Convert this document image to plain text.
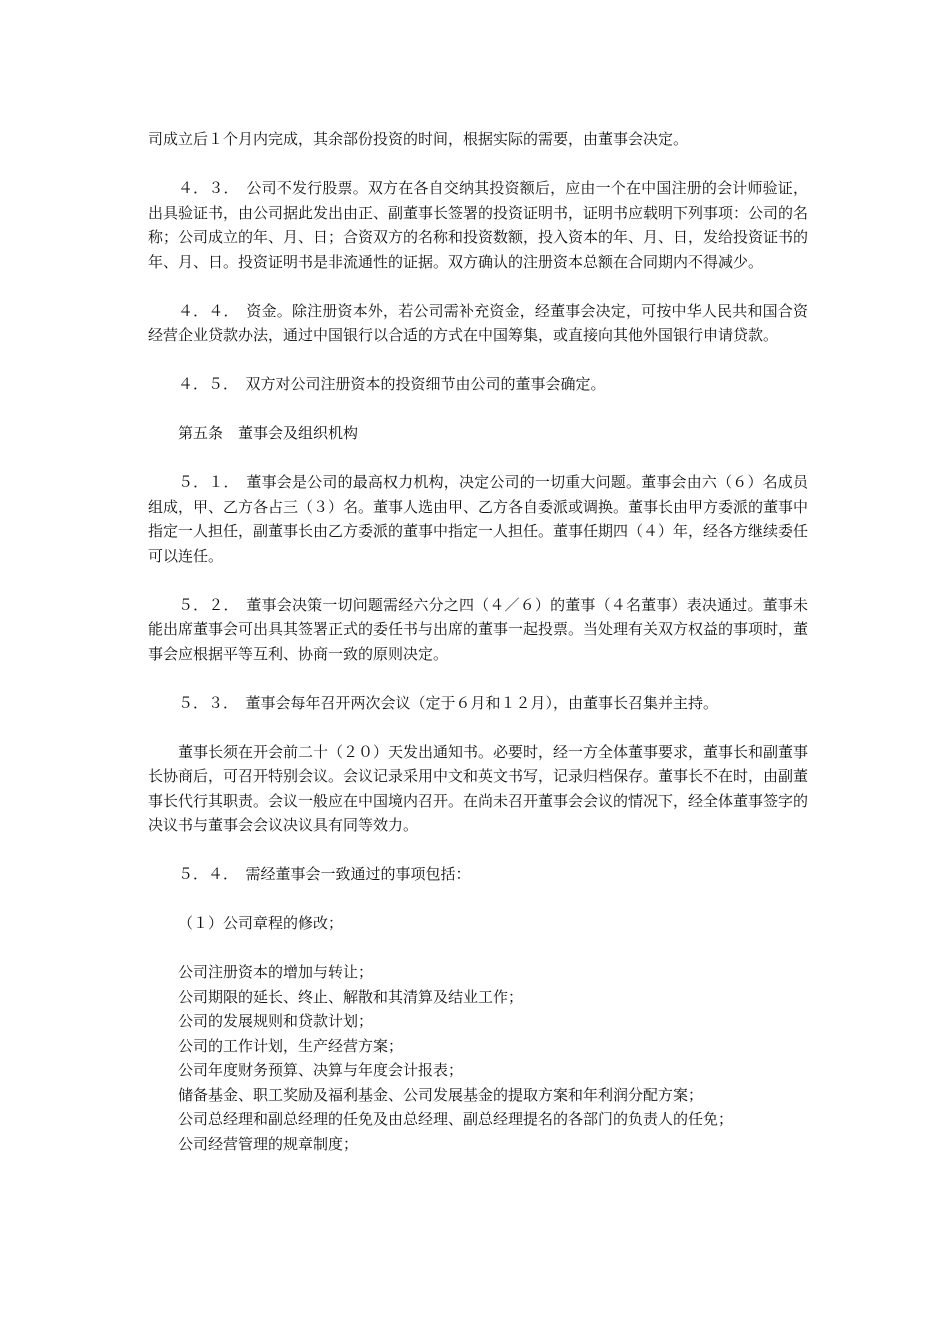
司成立后１个月内完成，其余部份投资的时间，根据实际的需要，由董事会决定。

４．３．　公司不发行股票。双方在各自交纳其投资额后，应由一个在中国注册的会计师验证，出具验证书，由公司据此发出由正、副董事长签署的投资证明书，证明书应载明下列事项：公司的名称；公司成立的年、月、日；合资双方的名称和投资数额，投入资本的年、月、日，发给投资证书的年、月、日。投资证明书是非流通性的证据。双方确认的注册资本总额在合同期内不得减少。

４．４．　资金。除注册资本外，若公司需补充资金，经董事会决定，可按中华人民共和国合资经营企业贷款办法，通过中国银行以合适的方式在中国筹集，或直接向其他外国银行申请贷款。

４．５．　双方对公司注册资本的投资细节由公司的董事会确定。

第五条　董事会及组织机构

５．１．　董事会是公司的最高权力机构，决定公司的一切重大问题。董事会由六（６）名成员组成，甲、乙方各占三（３）名。董事人选由甲、乙方各自委派或调换。董事长由甲方委派的董事中指定一人担任，副董事长由乙方委派的董事中指定一人担任。董事任期四（４）年，经各方继续委任可以连任。

５．２．　董事会决策一切问题需经六分之四（４／６）的董事（４名董事）表决通过。董事未能出席董事会可出具其签署正式的委任书与出席的董事一起投票。当处理有关双方权益的事项时，董事会应根据平等互利、协商一致的原则决定。

５．３．　董事会每年召开两次会议（定于６月和１２月），由董事长召集并主持。

董事长须在开会前二十（２０）天发出通知书。必要时，经一方全体董事要求，董事长和副董事长协商后，可召开特别会议。会议记录采用中文和英文书写，记录归档保存。董事长不在时，由副董事长代行其职责。会议一般应在中国境内召开。在尚未召开董事会会议的情况下，经全体董事签字的决议书与董事会会议决议具有同等效力。

５．４．　需经董事会一致通过的事项包括：

（１）公司章程的修改；

公司注册资本的增加与转让；
公司期限的延长、终止、解散和其清算及结业工作；
公司的发展规则和贷款计划；
公司的工作计划，生产经营方案；
公司年度财务预算、决算与年度会计报表；
储备基金、职工奖励及福利基金、公司发展基金的提取方案和年利润分配方案；
公司总经理和副总经理的任免及由总经理、副总经理提名的各部门的负责人的任免；
公司经营管理的规章制度；
